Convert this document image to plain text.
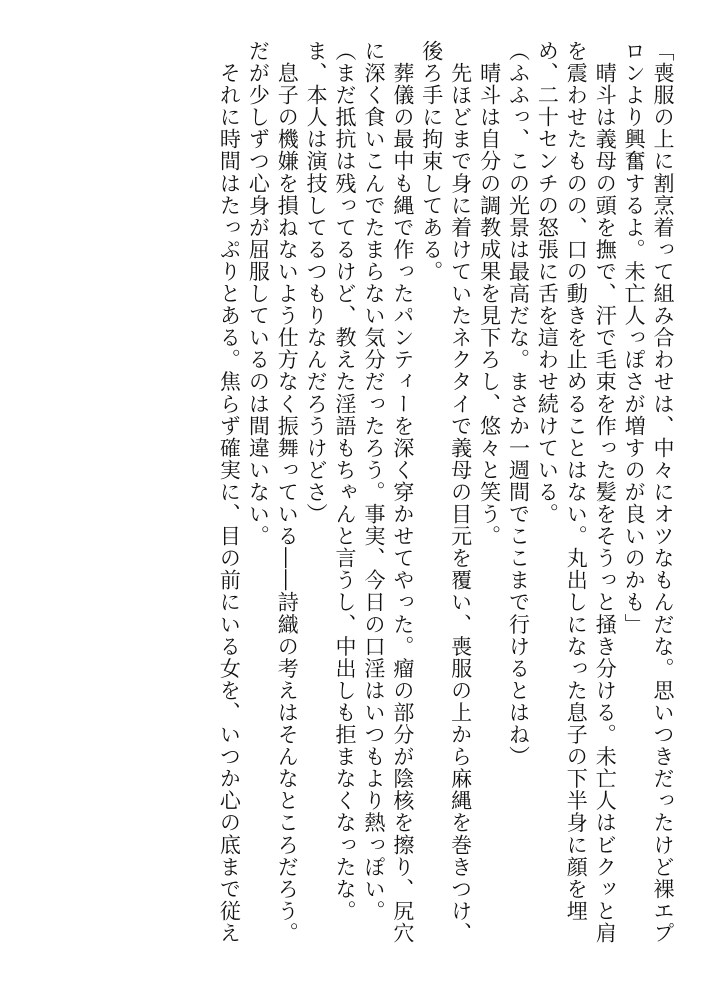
「喪服の上に割烹着って組み合わせは、中々にオツなもんだな。思いつきだったけど裸エプ
ロンより興奮するよ。未亡人っぽさが増すのが良いのかも」
　晴斗は義母の頭を撫で、汗で毛束を作った髪をそうっと掻き分ける。未亡人はビクッと肩
を震わせたものの、口の動きを止めることはない。丸出しになった息子の下半身に顔を埋
め、二十センチの怒張に舌を這わせ続けている。
（ふふっ、この光景は最高だな。まさか一週間でここまで行けるとはね）
　晴斗は自分の調教成果を見下ろし、悠々と笑う。
　先ほどまで身に着けていたネクタイで義母の目元を覆い、喪服の上から麻縄を巻きつけ、
後ろ手に拘束してある。
　葬儀の最中も縄で作ったパンティーを深く穿かせてやった。瘤の部分が陰核を擦り、尻穴
に深く食いこんでたまらない気分だったろう。事実、今日の口淫はいつもより熱っぽい。
（まだ抵抗は残ってるけど、教えた淫語もちゃんと言うし、中出しも拒まなくなったな。
ま、本人は演技してるつもりなんだろうけどさ）
　息子の機嫌を損ねないよう仕方なく振舞っている――詩織の考えはそんなところだろう。
だが少しずつ心身が屈服しているのは間違いない。
　それに時間はたっぷりとある。焦らず確実に、目の前にいる女を、いつか心の底まで従え
